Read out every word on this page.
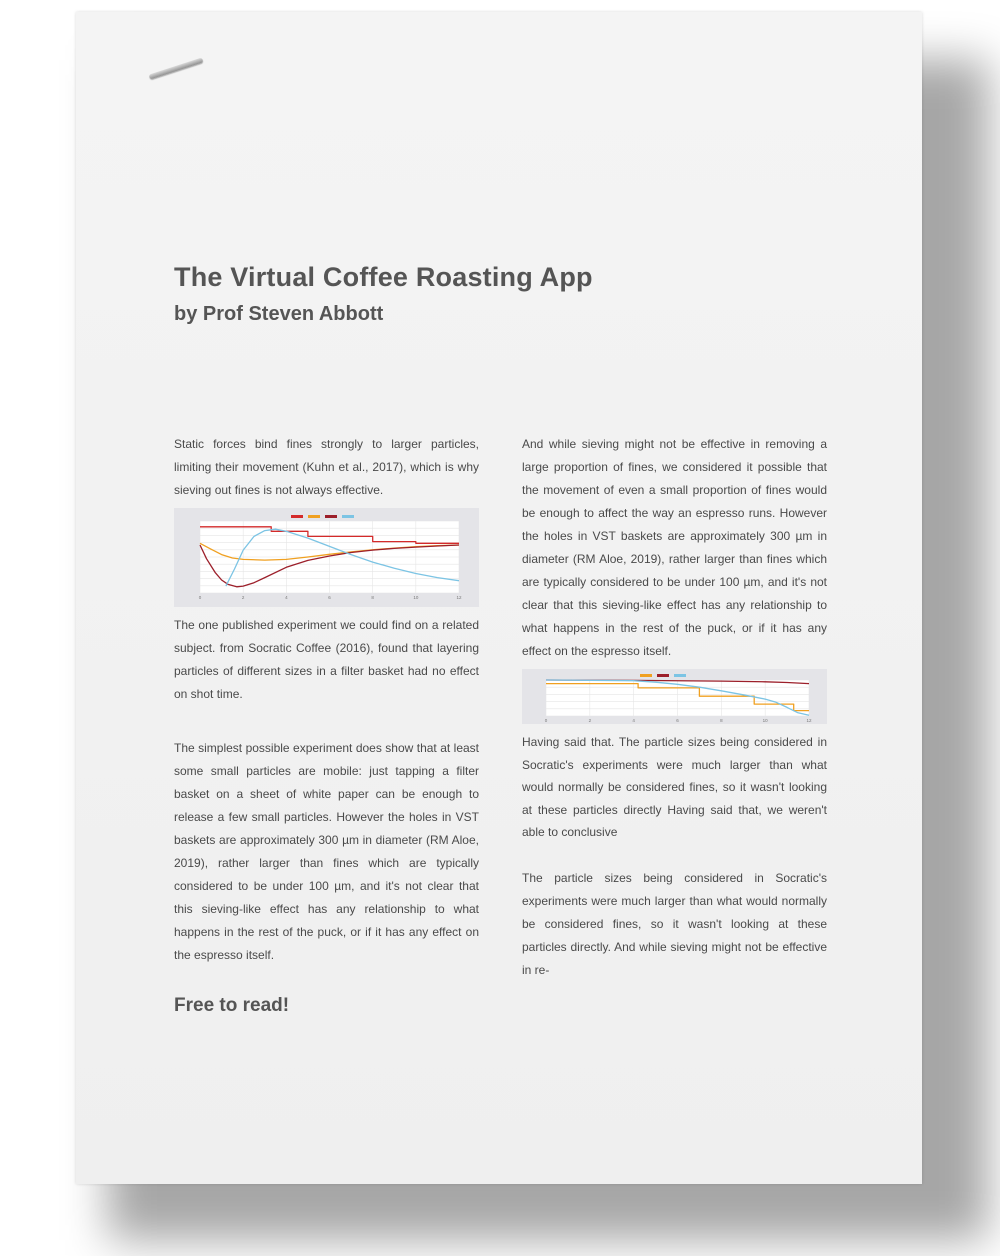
The Virtual Coffee Roasting App
by Prof Steven Abbott

Static forces bind fines strongly to larger particles, limiting their movement (Kuhn et al., 2017), which is why sieving out fines is not always effective.

0	2	4	6	8	10	12

The one published experiment we could find on a related subject. from Socratic Coffee (2016), found that layering particles of different sizes in a filter basket had no effect on shot time.

The simplest possible experiment does show that at least some small particles are mobile: just tapping a filter basket on a sheet of white paper can be enough to release a few small particles. However the holes in VST baskets are approximately 300 µm in diameter (RM Aloe, 2019), rather larger than fines which are typically considered to be under 100 µm, and it's not clear that this sieving-like effect has any relationship to what happens in the rest of the puck, or if it has any effect on the espresso itself.

Free to read!

And while sieving might not be effective in removing a large proportion of fines, we considered it possible that the movement of even a small proportion of fines would be enough to affect the way an espresso runs. However the holes in VST baskets are approximately 300 µm in diameter (RM Aloe, 2019), rather larger than fines which are typically considered to be under 100 µm, and it's not clear that this sieving-like effect has any relationship to what happens in the rest of the puck, or if it has any effect on the espresso itself.

0	2	4	6	8	10	12

Having said that. The particle sizes being considered in Socratic's experiments were much larger than what would normally be considered fines, so it wasn't looking at these particles directly Having said that, we weren't able to conclusive

The particle sizes being considered in Socratic's experiments were much larger than what would normally be considered fines, so it wasn't looking at these particles directly. And while sieving might not be effective in re-
